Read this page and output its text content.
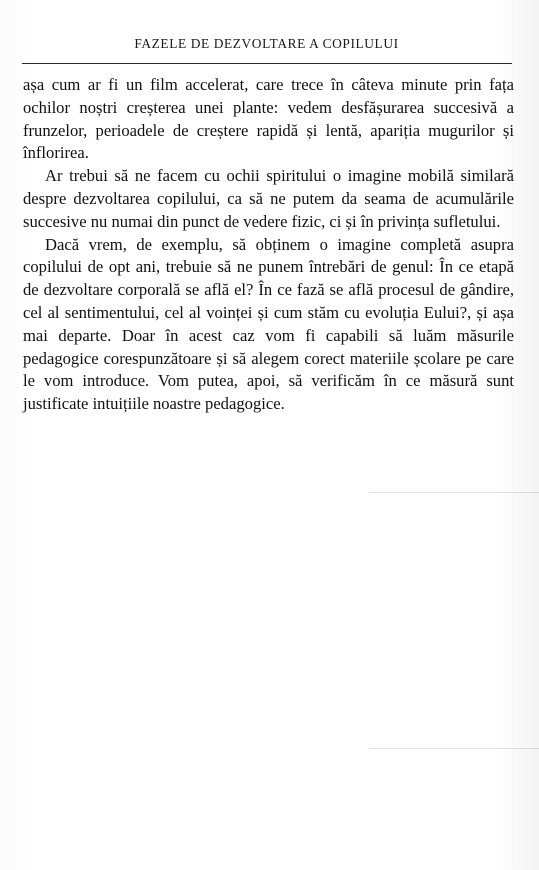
FAZELE DE DEZVOLTARE A COPILULUI

așa cum ar fi un film accelerat, care trece în câteva minute prin fața ochilor noștri creșterea unei plante: vedem desfășurarea succesivă a frunzelor, perioadele de creștere rapidă și lentă, apariția mugurilor și înflorirea.

Ar trebui să ne facem cu ochii spiritului o imagine mobilă similară despre dezvoltarea copilului, ca să ne putem da seama de acumulările succesive nu numai din punct de vedere fizic, ci și în privința sufletului.

Dacă vrem, de exemplu, să obținem o imagine completă asupra copilului de opt ani, trebuie să ne punem întrebări de genul: În ce etapă de dezvoltare corporală se află el? În ce fază se află procesul de gândire, cel al sentimentului, cel al voinței și cum stăm cu evoluția Eului?, și așa mai departe. Doar în acest caz vom fi capabili să luăm măsurile pedagogice corespunzătoare și să alegem corect materiile școlare pe care le vom introduce. Vom putea, apoi, să verificăm în ce măsură sunt justificate intuițiile noastre pedagogice.
